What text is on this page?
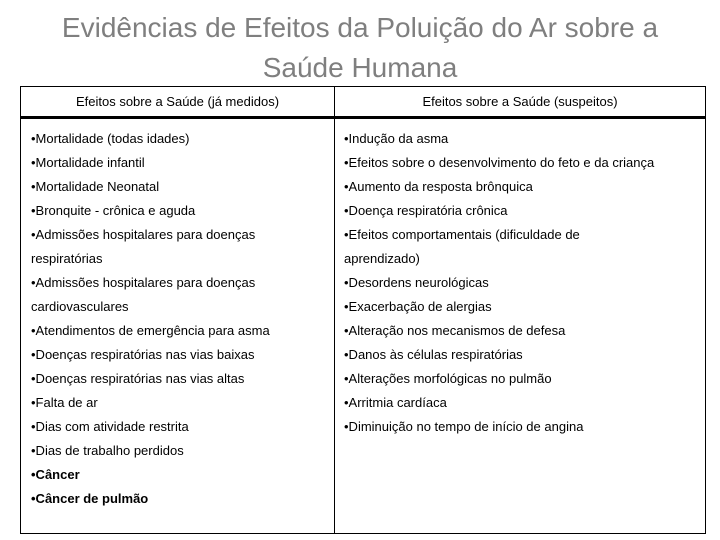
Evidências de Efeitos da Poluição do Ar sobre a Saúde Humana
Efeitos sobre a Saúde (já medidos)	Efeitos sobre a Saúde (suspeitos)
•Mortalidade (todas idades)
•Mortalidade infantil
•Mortalidade Neonatal
•Bronquite - crônica e aguda
•Admissões hospitalares para doenças
respiratórias
•Admissões hospitalares para doenças
cardiovasculares
•Atendimentos de emergência para asma
•Doenças respiratórias nas vias baixas
•Doenças respiratórias nas vias altas
•Falta de ar
•Dias com atividade restrita
•Dias de trabalho perdidos
•Câncer
•Câncer de pulmão
•Indução da asma
•Efeitos sobre o desenvolvimento do feto e da criança
•Aumento da resposta brônquica
•Doença respiratória crônica
•Efeitos comportamentais (dificuldade de
aprendizado)
•Desordens neurológicas
•Exacerbação de alergias
•Alteração nos mecanismos de defesa
•Danos às células respiratórias
•Alterações morfológicas no pulmão
•Arritmia cardíaca
•Diminuição no tempo de início de angina
